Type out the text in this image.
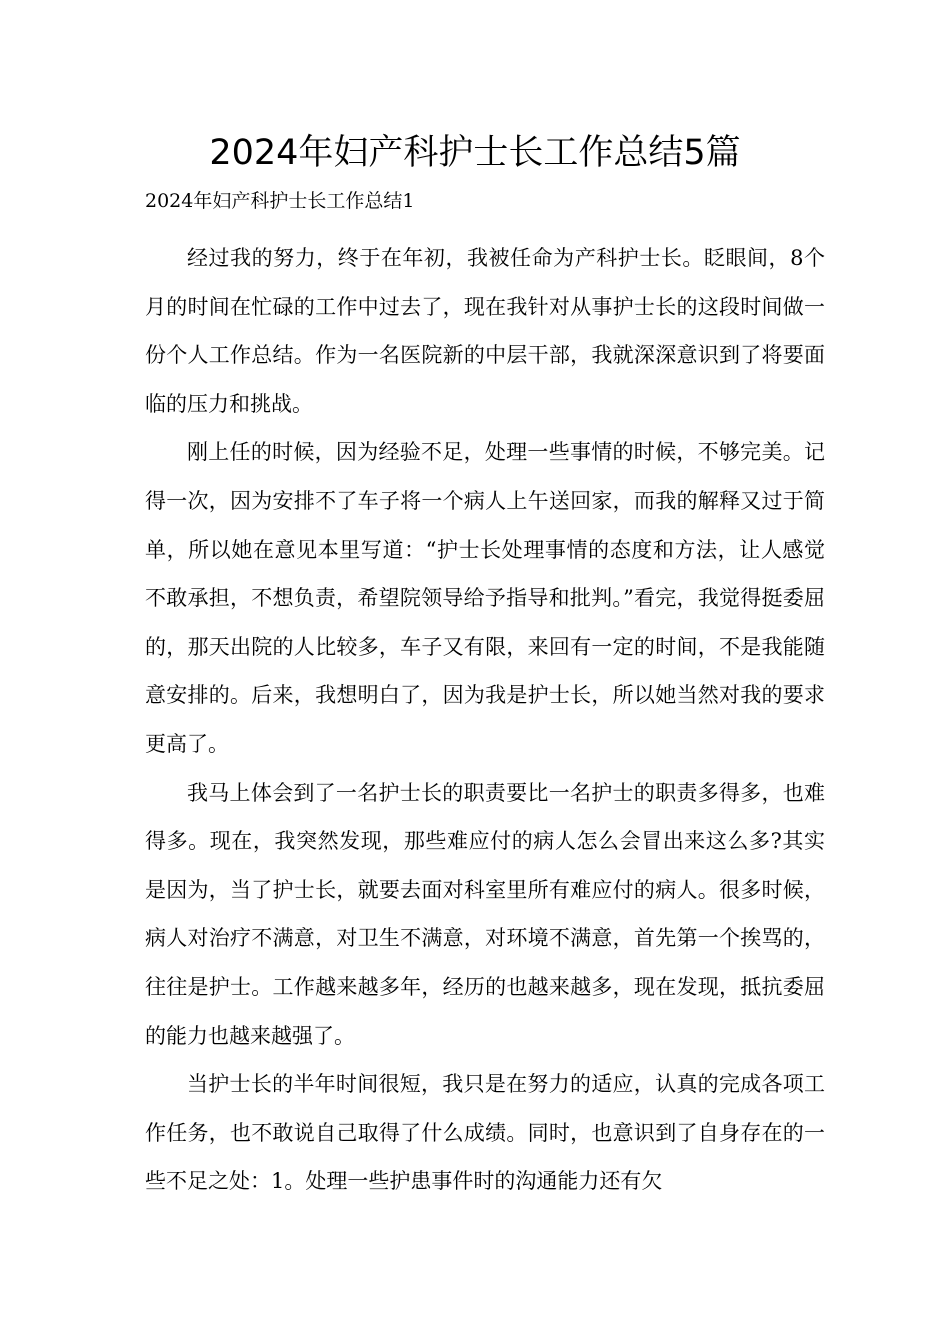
2024年妇产科护士长工作总结5篇

2024年妇产科护士长工作总结1

经过我的努力，终于在年初，我被任命为产科护士长。眨眼间，8个月的时间在忙碌的工作中过去了，现在我针对从事护士长的这段时间做一份个人工作总结。作为一名医院新的中层干部，我就深深意识到了将要面临的压力和挑战。

刚上任的时候，因为经验不足，处理一些事情的时候，不够完美。记得一次，因为安排不了车子将一个病人上午送回家，而我的解释又过于简单，所以她在意见本里写道：“护士长处理事情的态度和方法，让人感觉不敢承担，不想负责，希望院领导给予指导和批判。”看完，我觉得挺委屈的，那天出院的人比较多，车子又有限，来回有一定的时间，不是我能随意安排的。后来，我想明白了，因为我是护士长，所以她当然对我的要求更高了。

我马上体会到了一名护士长的职责要比一名护士的职责多得多，也难得多。现在，我突然发现，那些难应付的病人怎么会冒出来这么多?其实是因为，当了护士长，就要去面对科室里所有难应付的病人。很多时候，病人对治疗不满意，对卫生不满意，对环境不满意，首先第一个挨骂的，往往是护士。工作越来越多年，经历的也越来越多，现在发现，抵抗委屈的能力也越来越强了。

当护士长的半年时间很短，我只是在努力的适应，认真的完成各项工作任务，也不敢说自己取得了什么成绩。同时，也意识到了自身存在的一些不足之处：1。处理一些护患事件时的沟通能力还有欠
